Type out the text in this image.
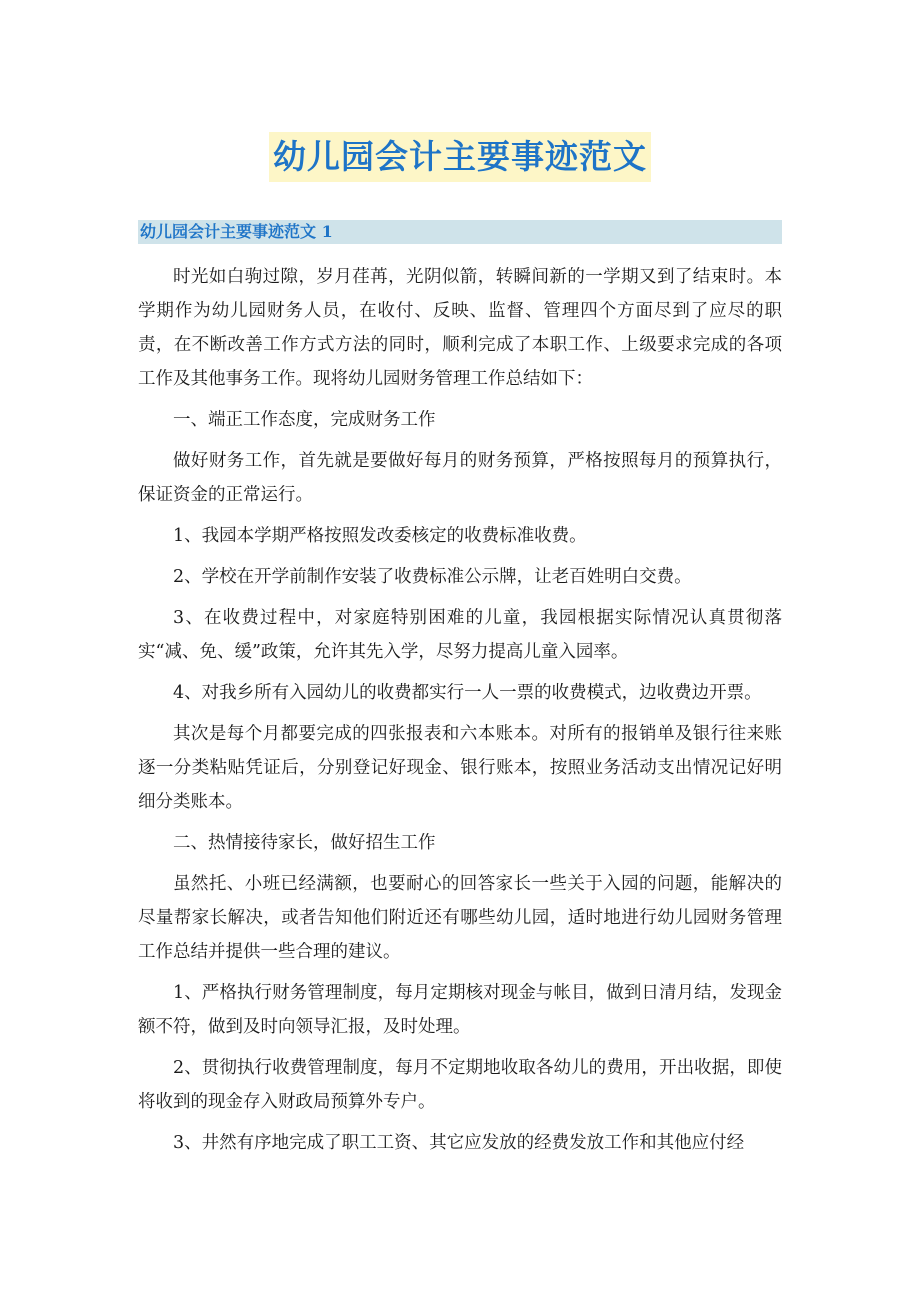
幼儿园会计主要事迹范文
幼儿园会计主要事迹范文 1

时光如白驹过隙，岁月荏苒，光阴似箭，转瞬间新的一学期又到了结束时。本学期作为幼儿园财务人员，在收付、反映、监督、管理四个方面尽到了应尽的职责，在不断改善工作方式方法的同时，顺利完成了本职工作、上级要求完成的各项工作及其他事务工作。现将幼儿园财务管理工作总结如下：

一、端正工作态度，完成财务工作

做好财务工作，首先就是要做好每月的财务预算，严格按照每月的预算执行，保证资金的正常运行。

1、我园本学期严格按照发改委核定的收费标准收费。

2、学校在开学前制作安装了收费标准公示牌，让老百姓明白交费。

3、在收费过程中，对家庭特别困难的儿童，我园根据实际情况认真贯彻落实“减、免、缓”政策，允许其先入学，尽努力提高儿童入园率。

4、对我乡所有入园幼儿的收费都实行一人一票的收费模式，边收费边开票。

其次是每个月都要完成的四张报表和六本账本。对所有的报销单及银行往来账逐一分类粘贴凭证后，分别登记好现金、银行账本，按照业务活动支出情况记好明细分类账本。

二、热情接待家长，做好招生工作

虽然托、小班已经满额，也要耐心的回答家长一些关于入园的问题，能解决的尽量帮家长解决，或者告知他们附近还有哪些幼儿园，适时地进行幼儿园财务管理工作总结并提供一些合理的建议。

1、严格执行财务管理制度，每月定期核对现金与帐目，做到日清月结，发现金额不符，做到及时向领导汇报，及时处理。

2、贯彻执行收费管理制度，每月不定期地收取各幼儿的费用，开出收据，即使将收到的现金存入财政局预算外专户。

3、井然有序地完成了职工工资、其它应发放的经费发放工作和其他应付经
